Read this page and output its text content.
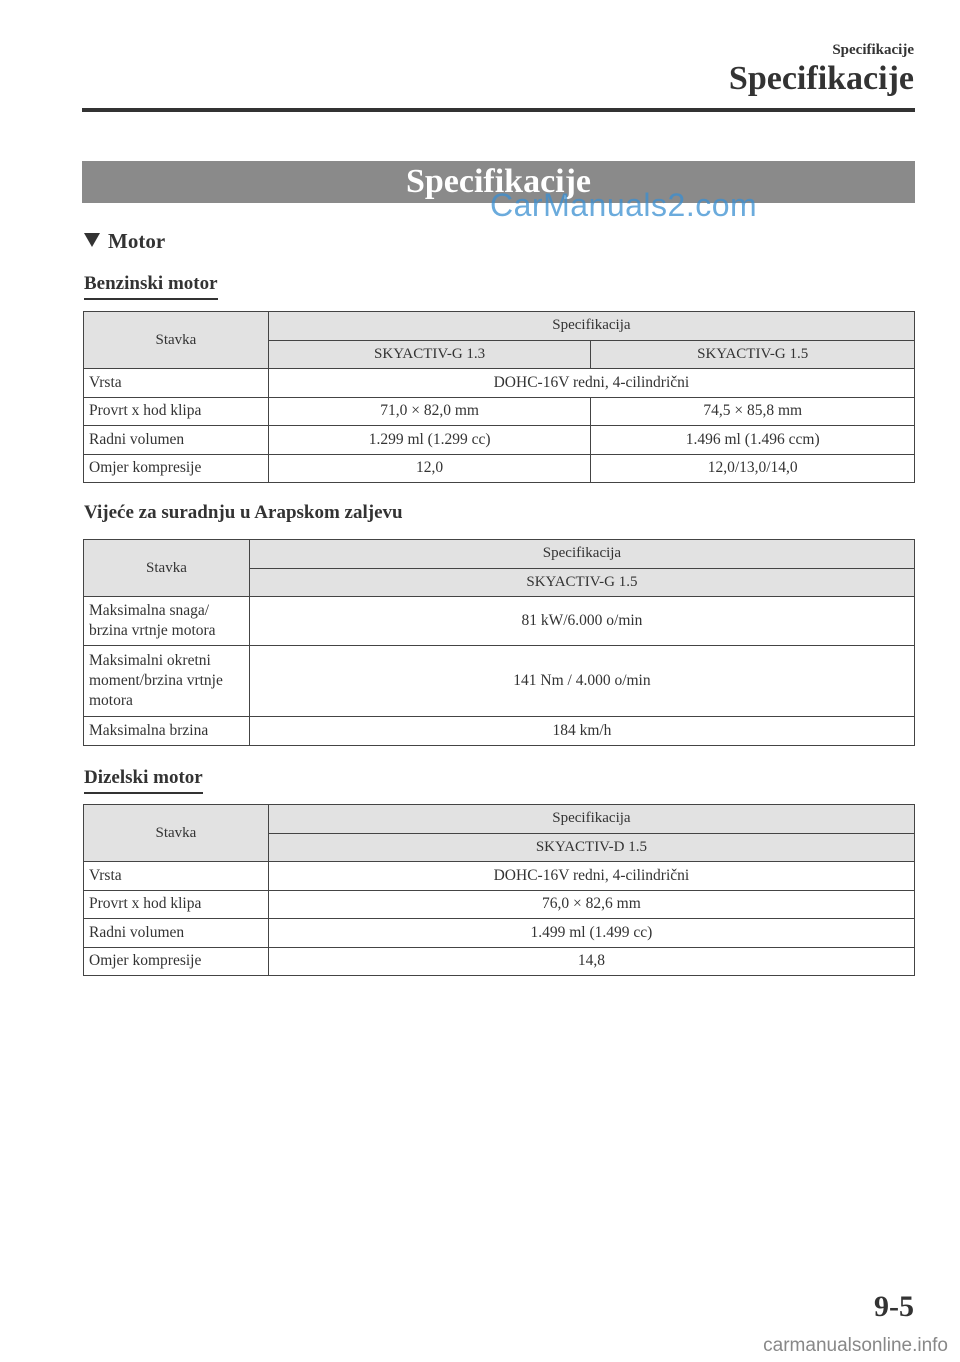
Specifikacije
Specifikacije
Specifikacije
CarManuals2.com
Motor
Benzinski motor
Stavka	Specifikacija	
	SKYACTIV-G 1.3	SKYACTIV-G 1.5
Vrsta	DOHC-16V redni, 4-cilindrični	
Provrt x hod klipa	71,0 × 82,0 mm	74,5 × 85,8 mm
Radni volumen	1.299 ml (1.299 cc)	1.496 ml (1.496 ccm)
Omjer kompresije	12,0	12,0/13,0/14,0
Vijeće za suradnju u Arapskom zaljevu
Stavka	Specifikacija
	SKYACTIV-G 1.5

Maksimalna snaga/
brzina vrtnje motora	81 kW/6.000 o/min

Maksimalni okretni
moment/brzina vrtnje
motora	141 Nm / 4.000 o/min
Maksimalna brzina	184 km/h
Dizelski motor
Stavka	Specifikacija
	SKYACTIV-D 1.5
Vrsta	DOHC-16V redni, 4-cilindrični
Provrt x hod klipa	76,0 × 82,6 mm
Radni volumen	1.499 ml (1.499 cc)
Omjer kompresije	14,8
9-5
carmanualsonline.info
